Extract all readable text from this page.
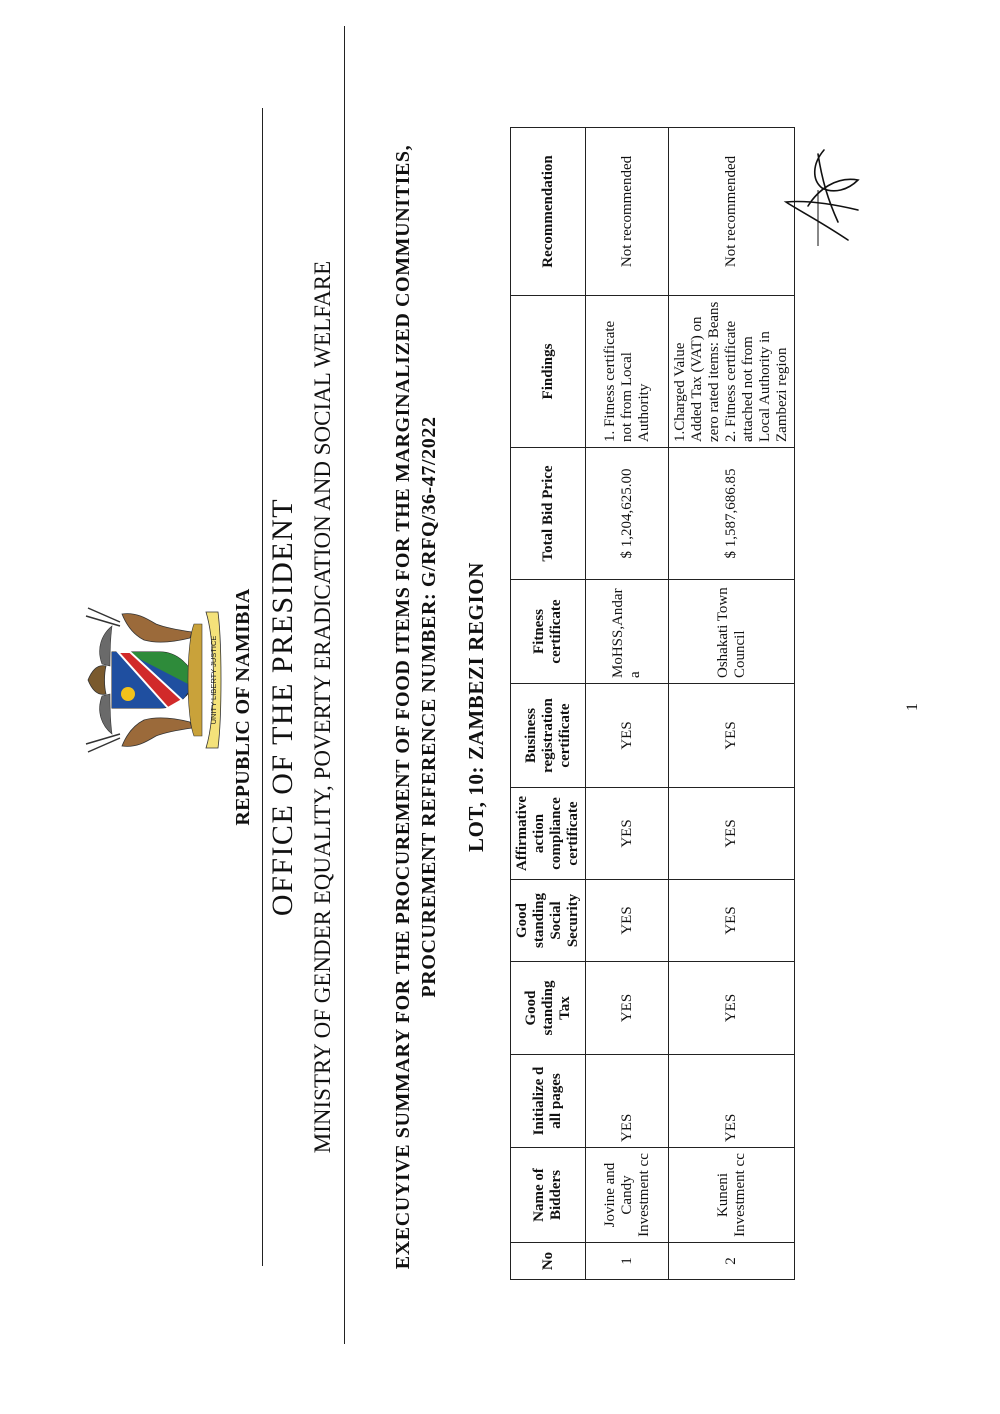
UNITY LIBERTY JUSTICE REPUBLIC OF NAMIBIA OFFICE OF THE PRESIDENT MINISTRY OF GENDER EQUALITY, POVERTY ERADICATION AND SOCIAL WELFARE	EXECUYIVE SUMMARY FOR THE PROCUREMENT OF FOOD ITEMS FOR THE MARGINALIZED COMMUNITIES, PROCUREMENT REFERENCE NUMBER: G/RFQ/36-47/2022 LOT, 10: ZAMBEZI REGION
No	Name of Bidders	Initialize d all pages	Good standing Tax	Good standing Social Security	Affirmative action compliance certificate	Business registration certificate	Fitness certificate	Total Bid Price	Findings	Recommendation
1	Jovine and Candy Investment cc	YES	YES	YES	YES	YES	MoHSS,Andara	$ 1,204,625.00	1. Fitness certificate not from Local Authority	Not recommended
2	Kuneni Investment cc	YES	YES	YES	YES	YES	Oshakati Town Council	$ 1,587,686.85	1.Charged Value Added Tax (VAT) on zero rated items: Beans 2. Fitness certificate attached not from Local Authority in Zambezi region	Not recommended
1
